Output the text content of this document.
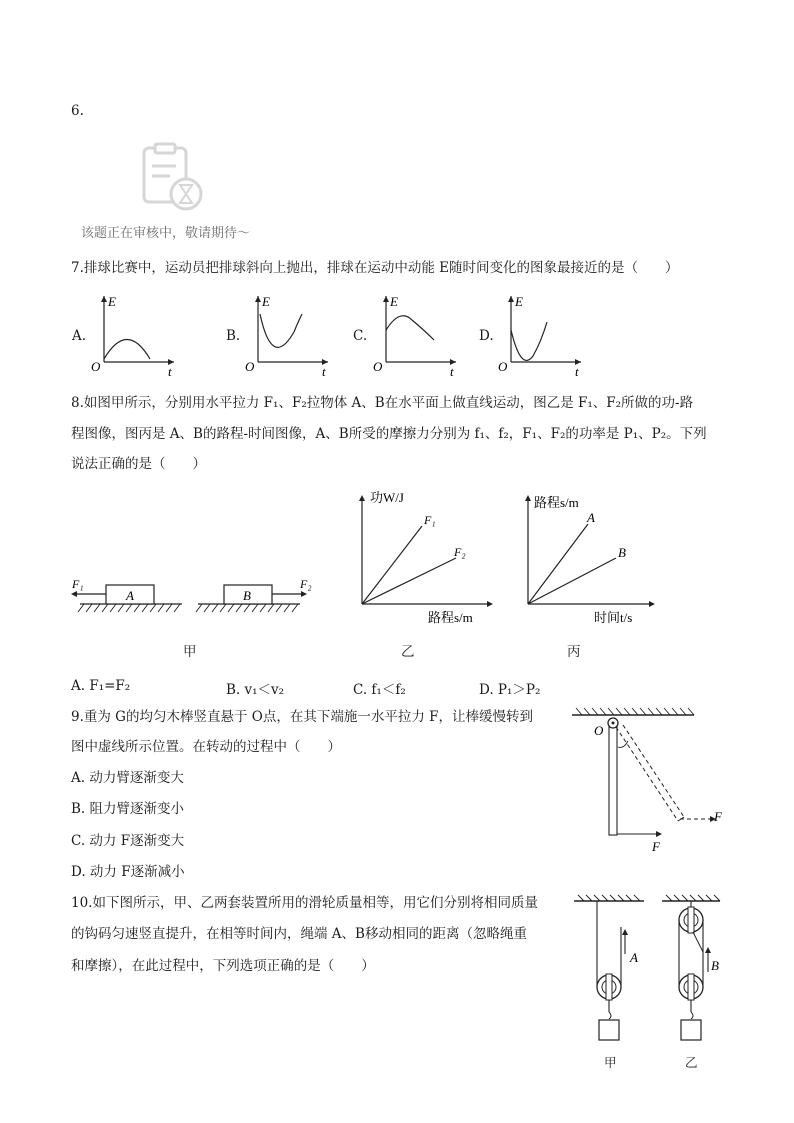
6.
该题正在审核中，敬请期待～
7.排球比赛中，运动员把排球斜向上抛出，排球在运动中动能 E随时间变化的图象最接近的是（　　）
A.
E
O	t
B.
E
O	t
C.
E
O	t
D.
E
O	t
8.如图甲所示，分别用水平拉力 F₁、F₂拉物体 A、B在水平面上做直线运动，图乙是 F₁、F₂所做的功-路
程图像，图丙是 A、B的路程-时间图像，A、B所受的摩擦力分别为 f₁、f₂，F₁、F₂的功率是 P₁、P₂。下列
说法正确的是（　　）
A
F₁
B
F₂
甲
功W/J
F₁
F₂
路程s/m
乙
路程s/m
A
B
时间t/s
丙
A. F₁=F₂	B. v₁＜v₂	C. f₁＜f₂	D. P₁＞P₂
9.重为 G的均匀木棒竖直悬于 O点，在其下端施一水平拉力 F，让棒缓慢转到
图中虚线所示位置。在转动的过程中（　　）
A. 动力臂逐渐变大
B. 阻力臂逐渐变小
C. 动力 F逐渐变大
D. 动力 F逐渐减小
O
F
F
10.如下图所示，甲、乙两套装置所用的滑轮质量相等，用它们分别将相同质量
的钩码匀速竖直提升，在相等时间内，绳端 A、B移动相同的距离（忽略绳重
和摩擦），在此过程中，下列选项正确的是（　　）
A
B
甲	乙
